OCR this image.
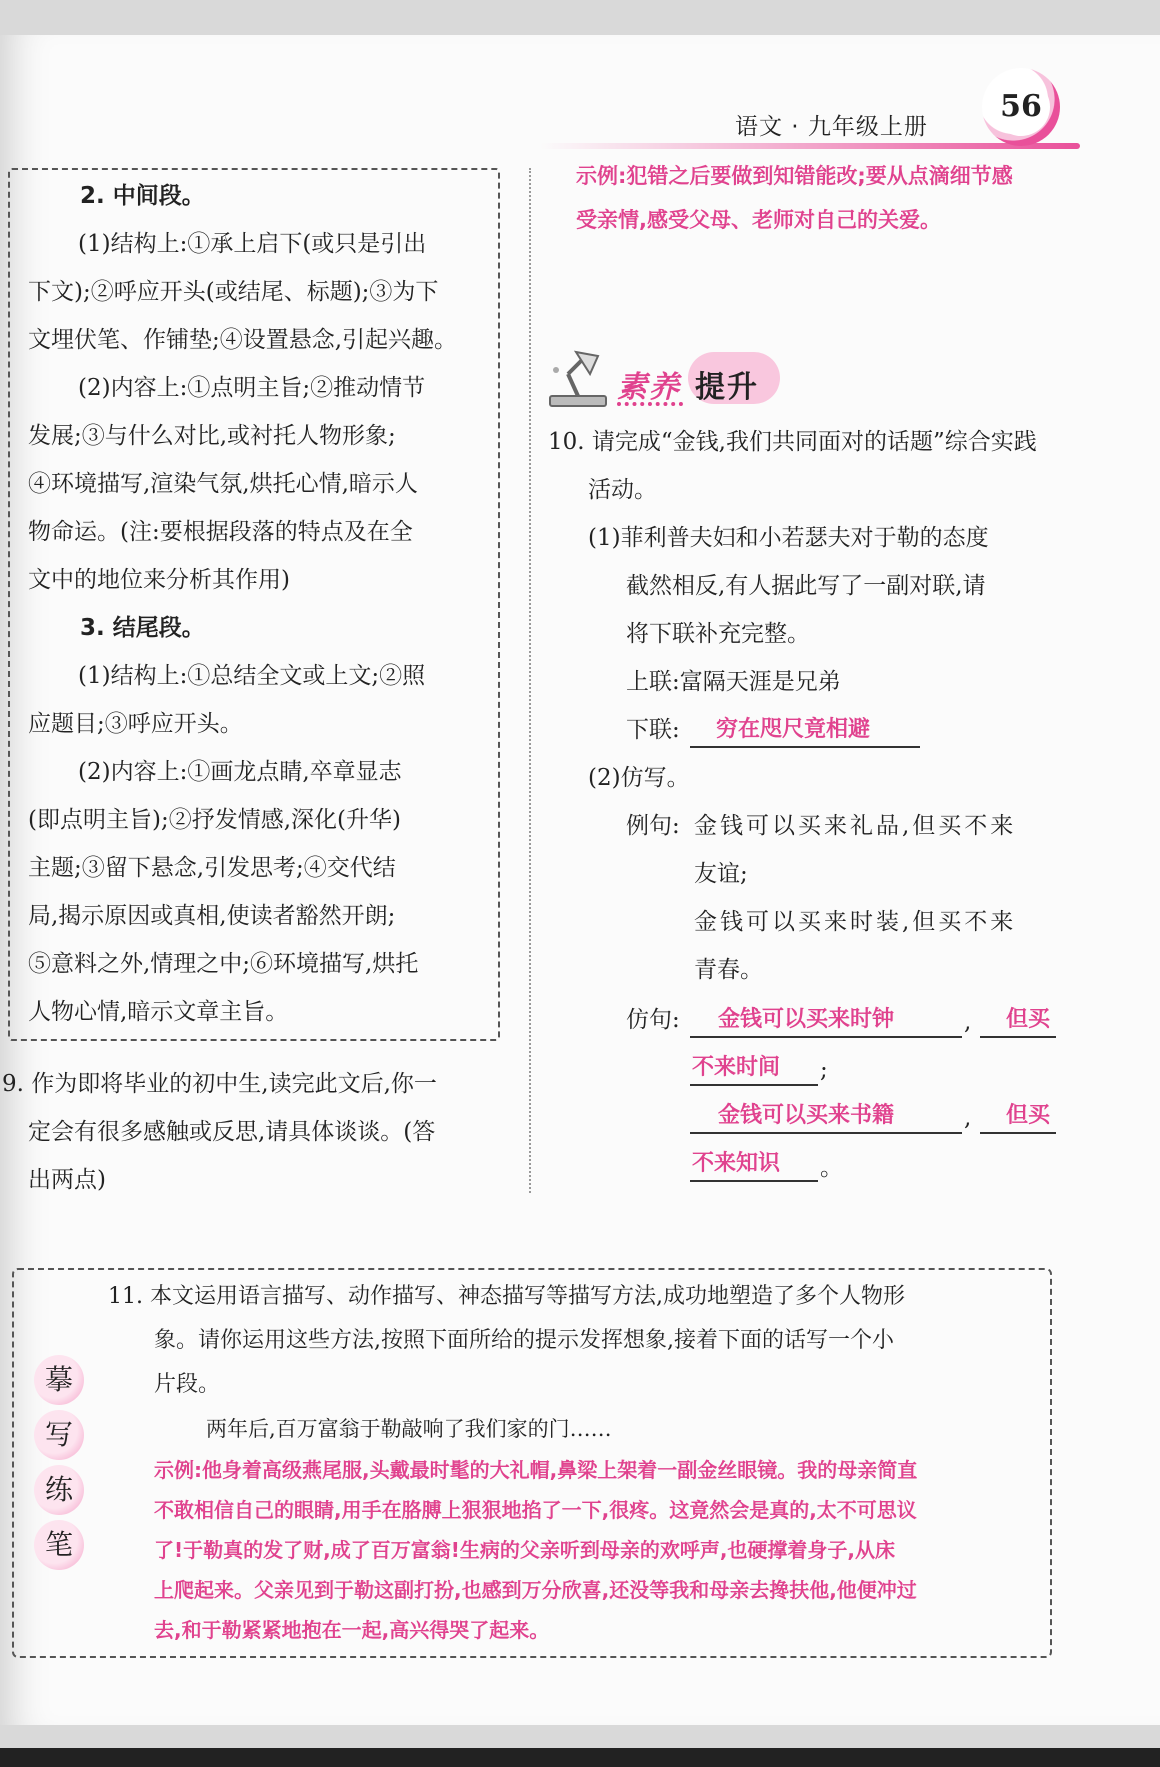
语文 · 九年级上册
56
2. 中间段。
(1)结构上:①承上启下(或只是引出
下文);②呼应开头(或结尾、标题);③为下
文埋伏笔、作铺垫;④设置悬念,引起兴趣。
(2)内容上:①点明主旨;②推动情节
发展;③与什么对比,或衬托人物形象;
④环境描写,渲染气氛,烘托心情,暗示人
物命运。(注:要根据段落的特点及在全
文中的地位来分析其作用)
3. 结尾段。
(1)结构上:①总结全文或上文;②照
应题目;③呼应开头。
(2)内容上:①画龙点睛,卒章显志
(即点明主旨);②抒发情感,深化(升华)
主题;③留下悬念,引发思考;④交代结
局,揭示原因或真相,使读者豁然开朗;
⑤意料之外,情理之中;⑥环境描写,烘托
人物心情,暗示文章主旨。
9. 作为即将毕业的初中生,读完此文后,你一
定会有很多感触或反思,请具体谈谈。(答
出两点)
示例:犯错之后要做到知错能改;要从点滴细节感
受亲情,感受父母、老师对自己的关爱。
素养 提升
10. 请完成“金钱,我们共同面对的话题”综合实践
活动。
(1)菲利普夫妇和小若瑟夫对于勒的态度
截然相反,有人据此写了一副对联,请
将下联补充完整。
上联:富隔天涯是兄弟
下联: 穷在咫尺竟相避
(2)仿写。
例句: 金钱可以买来礼品,但买不来
友谊;
金钱可以买来时装,但买不来
青春。
仿句: 金钱可以买来时钟	, 但买
不来时间 ;
金钱可以买来书籍	, 但买
不来知识 。
摹
写
练
笔
11. 本文运用语言描写、动作描写、神态描写等描写方法,成功地塑造了多个人物形
象。请你运用这些方法,按照下面所给的提示发挥想象,接着下面的话写一个小
片段。
两年后,百万富翁于勒敲响了我们家的门……
示例:他身着高级燕尾服,头戴最时髦的大礼帽,鼻梁上架着一副金丝眼镜。我的母亲简直
不敢相信自己的眼睛,用手在胳膊上狠狠地掐了一下,很疼。这竟然会是真的,太不可思议
了!于勒真的发了财,成了百万富翁!生病的父亲听到母亲的欢呼声,也硬撑着身子,从床
上爬起来。父亲见到于勒这副打扮,也感到万分欣喜,还没等我和母亲去搀扶他,他便冲过
去,和于勒紧紧地抱在一起,高兴得哭了起来。
